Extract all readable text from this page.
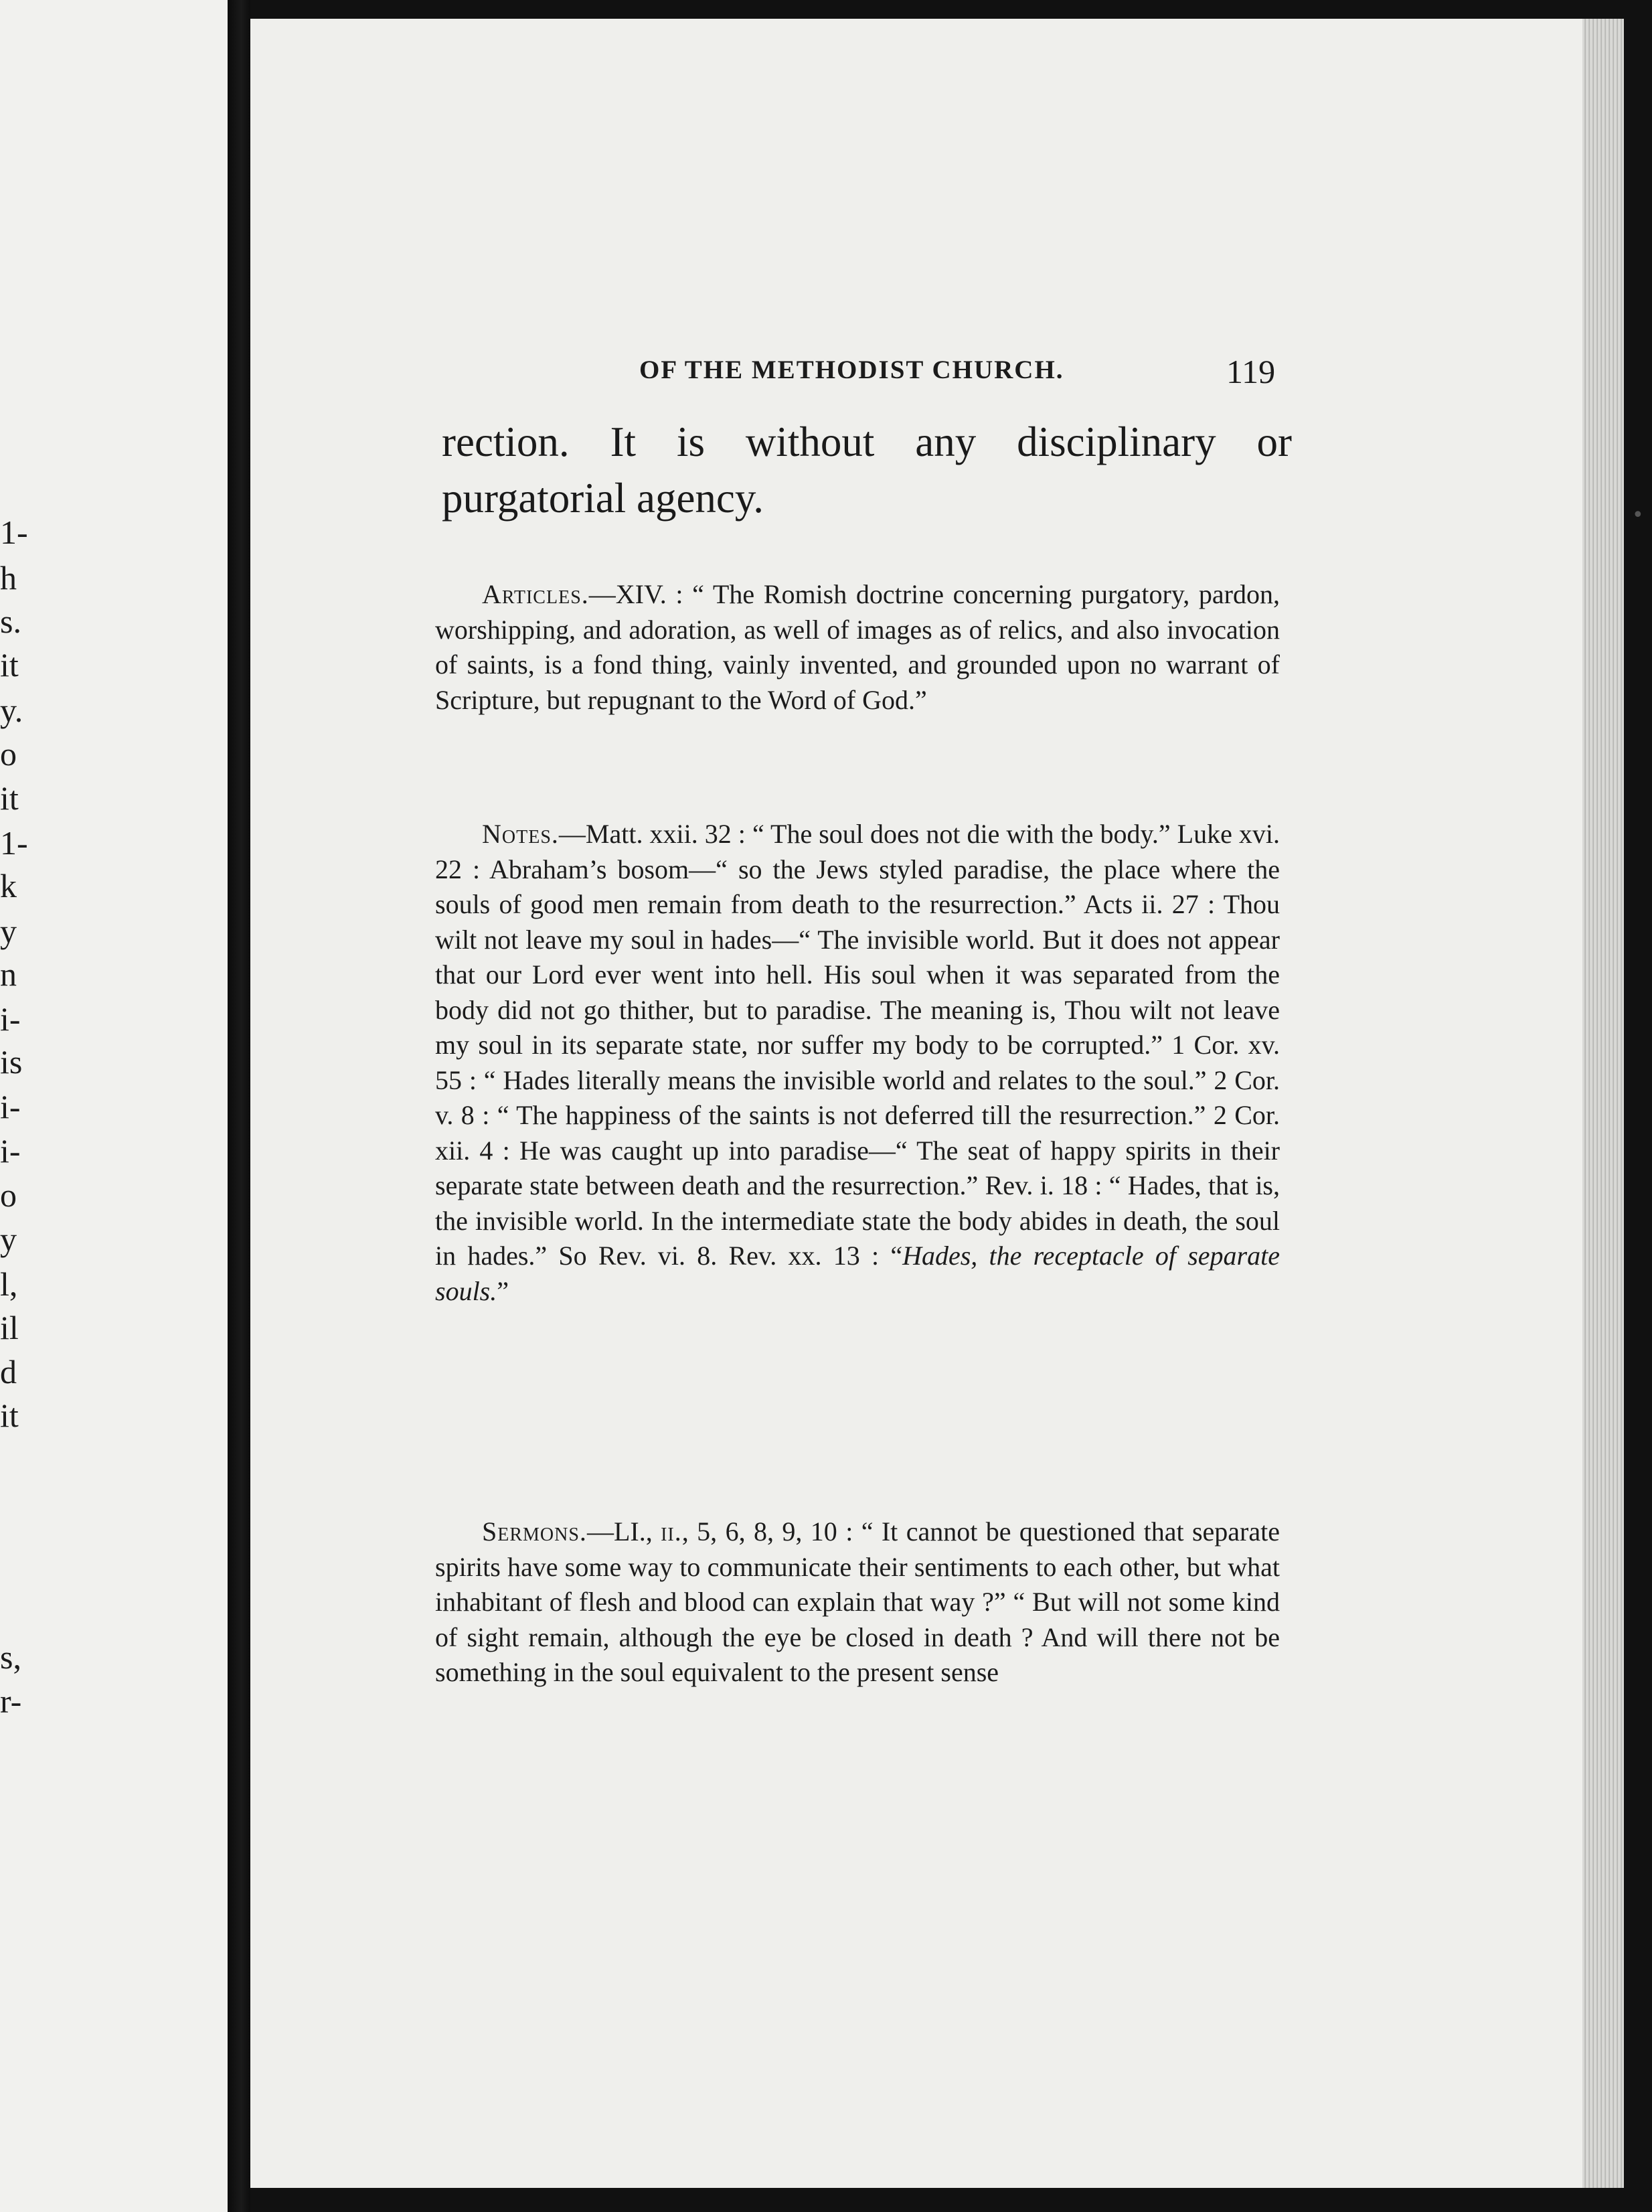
1-
h
s.
it
y.
o
it
1-
k
y
n
i-
is
i-
i-
o
y
l,
il
d
it
s,
r-
•
OF THE METHODIST CHURCH.	119
rection. It is without any disciplinary or purgatorial agency.

Articles.—XIV. : “ The Romish doctrine concerning purgatory, pardon, worshipping, and adoration, as well of images as of relics, and also invocation of saints, is a fond thing, vainly invented, and grounded upon no warrant of Scripture, but repugnant to the Word of God.”

Notes.—Matt. xxii. 32 : “ The soul does not die with the body.” Luke xvi. 22 : Abraham’s bosom—“ so the Jews styled paradise, the place where the souls of good men remain from death to the resurrection.” Acts ii. 27 : Thou wilt not leave my soul in hades—“ The invisible world. But it does not appear that our Lord ever went into hell. His soul when it was separated from the body did not go thither, but to paradise. The meaning is, Thou wilt not leave my soul in its separate state, nor suffer my body to be corrupted.” 1 Cor. xv. 55 : “ Hades literally means the invisible world and relates to the soul.” 2 Cor. v. 8 : “ The happiness of the saints is not deferred till the resurrection.” 2 Cor. xii. 4 : He was caught up into paradise—“ The seat of happy spirits in their separate state between death and the resurrection.” Rev. i. 18 : “ Hades, that is, the invisible world. In the intermediate state the body abides in death, the soul in hades.” So Rev. vi. 8. Rev. xx. 13 : “Hades, the receptacle of separate souls.”

Sermons.—LI., ii., 5, 6, 8, 9, 10 : “ It cannot be questioned that separate spirits have some way to communicate their sentiments to each other, but what inhabitant of flesh and blood can explain that way ?” “ But will not some kind of sight remain, although the eye be closed in death ? And will there not be something in the soul equivalent to the present sense
